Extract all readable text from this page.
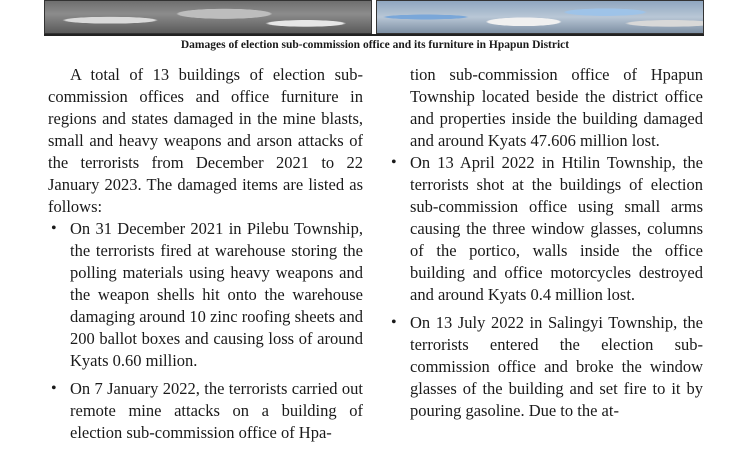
Damages of election sub-commission office and its furniture in Hpapun District

A total of 13 buildings of election sub-commission offices and office furniture in regions and states damaged in the mine blasts, small and heavy weapons and arson attacks of the terrorists from December 2021 to 22 January 2023. The damaged items are listed as follows:

• On 31 December 2021 in Pilebu Township, the terrorists fired at warehouse storing the polling materials using heavy weapons and the weapon shells hit onto the warehouse damaging around 10 zinc roofing sheets and 200 ballot boxes and causing loss of around Kyats 0.60 million.
• On 7 January 2022, the terrorists carried out remote mine attacks on a building of election sub-commission office of Hpa-

tion sub-commission office of Hpapun Township located beside the district office and properties inside the building damaged and around Kyats 47.606 million lost.

• On 13 April 2022 in Htilin Township, the terrorists shot at the buildings of election sub-commission office using small arms causing the three window glasses, columns of the portico, walls inside the office building and office motorcycles destroyed and around Kyats 0.4 million lost.
• On 13 July 2022 in Salingyi Township, the terrorists entered the election sub-commission office and broke the window glasses of the building and set fire to it by pouring gasoline. Due to the at-
